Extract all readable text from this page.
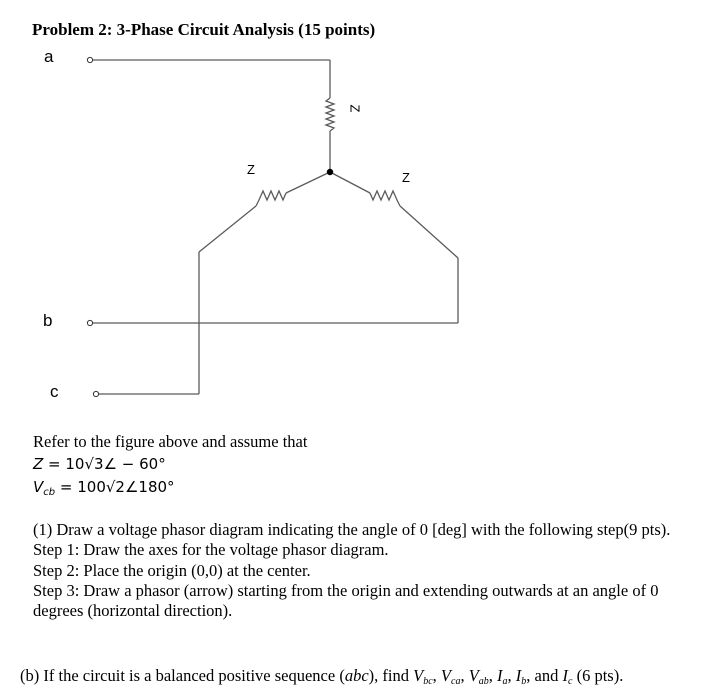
Problem 2: 3-Phase Circuit Analysis (15 points)
a
b
c
Z
Z
Z
Refer to the figure above and assume that
Z = 10√3∠ − 60°
$V_{cb}$ = 100√2∠180°
(1) Draw a voltage phasor diagram indicating the angle of 0 [deg] with the following step(9 pts).
Step 1: Draw the axes for the voltage phasor diagram.
Step 2: Place the origin (0,0) at the center.
Step 3: Draw a phasor (arrow) starting from the origin and extending outwards at an angle of 0
degrees (horizontal direction).
(b) If the circuit is a balanced positive sequence (abc), find $V_{bc}$, $V_{ca}$, $V_{ab}$, $I_a$, $I_b$, and $I_c$ (6 pts).
